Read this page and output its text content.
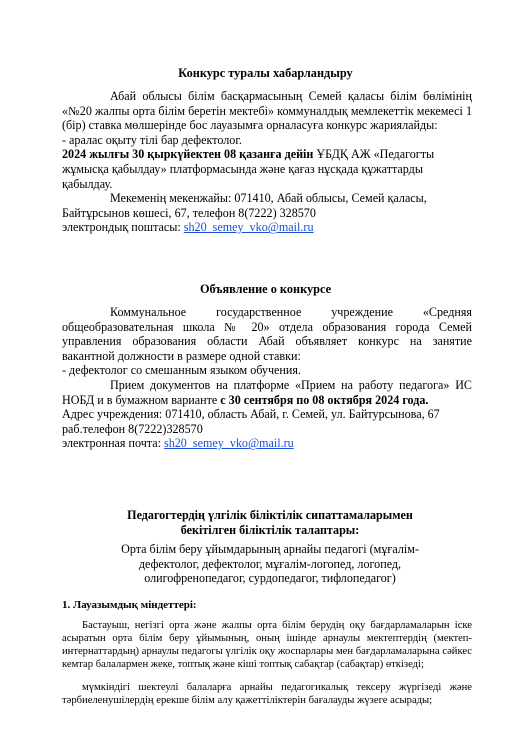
Конкурс туралы хабарландыру

Абай облысы білім басқармасының Семей қаласы білім бөлімінің «№20 жалпы орта білім беретін мектебі» коммуналдық мемлекеттік мекемесі 1 (бір) ставка мөлшерінде бос лауазымға орналасуға конкурс жариялайды:

- аралас оқыту тілі бар дефектолог.

2024 жылғы 30 қыркүйектен 08 қазанға дейін ҰБДҚ АЖ «Педагогты жұмысқа қабылдау» платформасында және қағаз нұсқада құжаттарды қабылдау.

Мекеменің мекенжайы: 071410, Абай облысы, Семей қаласы, Байтұрсынов көшесі, 67, телефон 8(7222) 328570

электрондық поштасы: sh20_semey_vko@mail.ru

Объявление о конкурсе

Коммунальное государственное учреждение «Средняя общеобразовательная школа № 20» отдела образования города Семей управления образования области Абай объявляет конкурс на занятие вакантной должности в размере одной ставки:

- дефектолог со смешанным языком обучения.

Прием документов на платформе «Прием на работу педагога» ИС НОБД и в бумажном варианте с 30 сентября по 08 октября 2024 года.

Адрес учреждения: 071410, область Абай, г. Семей, ул. Байтурсынова, 67

раб.телефон 8(7222)328570

электронная почта: sh20_semey_vko@mail.ru

Педагогтердің үлгілік біліктілік сипаттамаларымен бекітілген біліктілік талаптары:
Орта білім беру ұйымдарының арнайы педагогі (мұғалім-дефектолог, дефектолог, мұғалім-логопед, логопед, олигофренопедагог, сурдопедагог, тифлопедагог)
1. Лауазымдық міндеттері:

Бастауыш, негізгі орта және жалпы орта білім берудің оқу бағдарламаларын іске асыратын орта білім беру ұйымының, оның ішінде арнаулы мектептердің (мектеп-интернаттардың) арнаулы педагогы үлгілік оқу жоспарлары мен бағдарламаларына сәйкес кемтар балалармен жеке, топтық және кіші топтық сабақтар (сабақтар) өткізеді;

мүмкіндігі шектеулі балаларға арнайы педагогикалық тексеру жүргізеді және тәрбиеленушілердің ерекше білім алу қажеттіліктерін бағалауды жүзеге асырады;
